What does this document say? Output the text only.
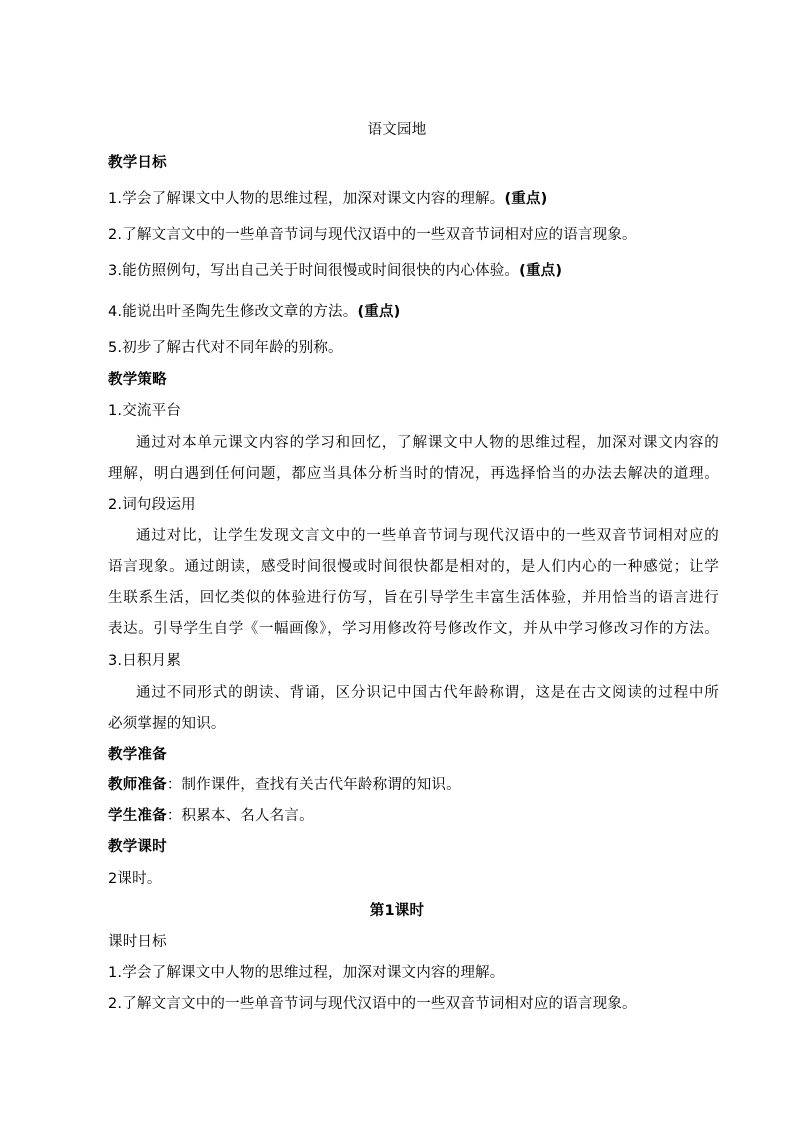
语文园地
教学日标
1.学会了解课文中人物的思维过程，加深对课文内容的理解。(重点)
2.了解文言文中的一些单音节词与现代汉语中的一些双音节词相对应的语言现象。
3.能仿照例句，写出自己关于时间很慢或时间很快的内心体验。(重点)
4.能说出叶圣陶先生修改文章的方法。(重点)
5.初步了解古代对不同年龄的别称。
教学策略
1.交流平台
通过对本单元课文内容的学习和回忆，了解课文中人物的思维过程，加深对课文内容的
理解，明白遇到任何问题，都应当具体分析当时的情况，再选择恰当的办法去解决的道理。
2.词句段运用
通过对比，让学生发现文言文中的一些单音节词与现代汉语中的一些双音节词相对应的
语言现象。通过朗读，感受时间很慢或时间很快都是相对的，是人们内心的一种感觉；让学
生联系生活，回忆类似的体验进行仿写，旨在引导学生丰富生活体验，并用恰当的语言进行
表达。引导学生自学《一幅画像》，学习用修改符号修改作文，并从中学习修改习作的方法。
3.日积月累
通过不同形式的朗读、背诵，区分识记中国古代年龄称谓，这是在古文阅读的过程中所
必须掌握的知识。
教学准备
教师准备：制作课件，查找有关古代年龄称谓的知识。
学生准备：积累本、名人名言。
教学课时
2课时。
第1课时
课时日标
1.学会了解课文中人物的思维过程，加深对课文内容的理解。
2.了解文言文中的一些单音节词与现代汉语中的一些双音节词相对应的语言现象。
